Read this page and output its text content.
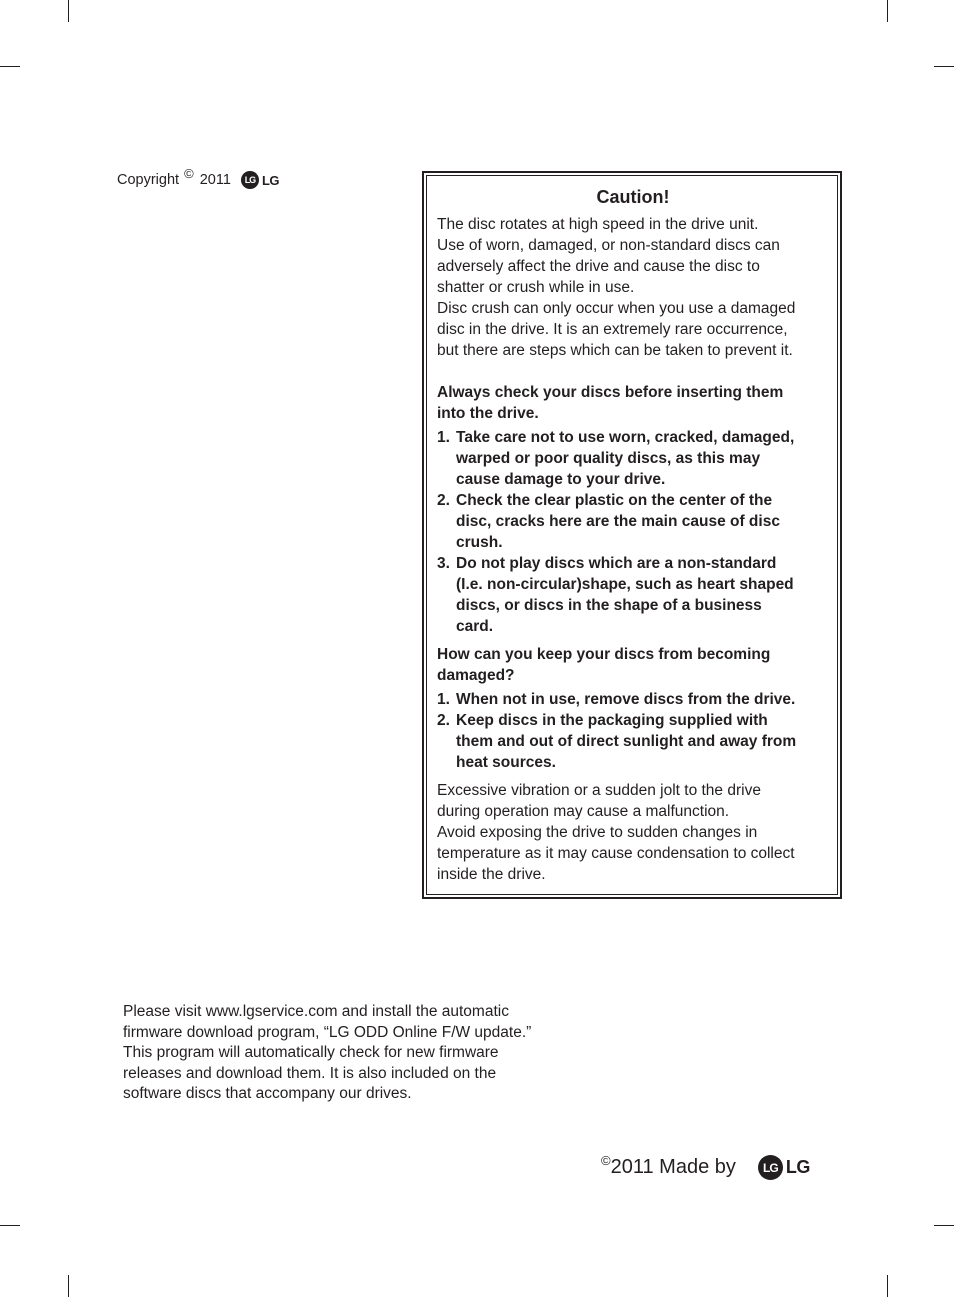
Copyright © 2011	LG LG
Caution!
The disc rotates at high speed in the drive unit.
Use of worn, damaged, or non-standard discs can
adversely affect the drive and cause the disc to
shatter or crush while in use.
Disc crush can only occur when you use a damaged
disc in the drive. It is an extremely rare occurrence,
but there are steps which can be taken to prevent it.
Always check your discs before inserting them
into the drive.
1. Take care not to use worn, cracked, damaged,
warped or poor quality discs, as this may
cause damage to your drive.
2. Check the clear plastic on the center of the
disc, cracks here are the main cause of disc
crush.
3. Do not play discs which are a non-standard
(I.e. non-circular)shape, such as heart shaped
discs, or discs in the shape of a business
card.
How can you keep your discs from becoming
damaged?
1. When not in use, remove discs from the drive.
2. Keep discs in the packaging supplied with
them and out of direct sunlight and away from
heat sources.
Excessive vibration or a sudden jolt to the drive
during operation may cause a malfunction.
Avoid exposing the drive to sudden changes in
temperature as it may cause condensation to collect
inside the drive.
Please visit www.lgservice.com and install the automatic
firmware download program, “LG ODD Online F/W update.”
This program will automatically check for new firmware
releases and download them. It is also included on the
software discs that accompany our drives.
© 2011 Made by	LG LG
